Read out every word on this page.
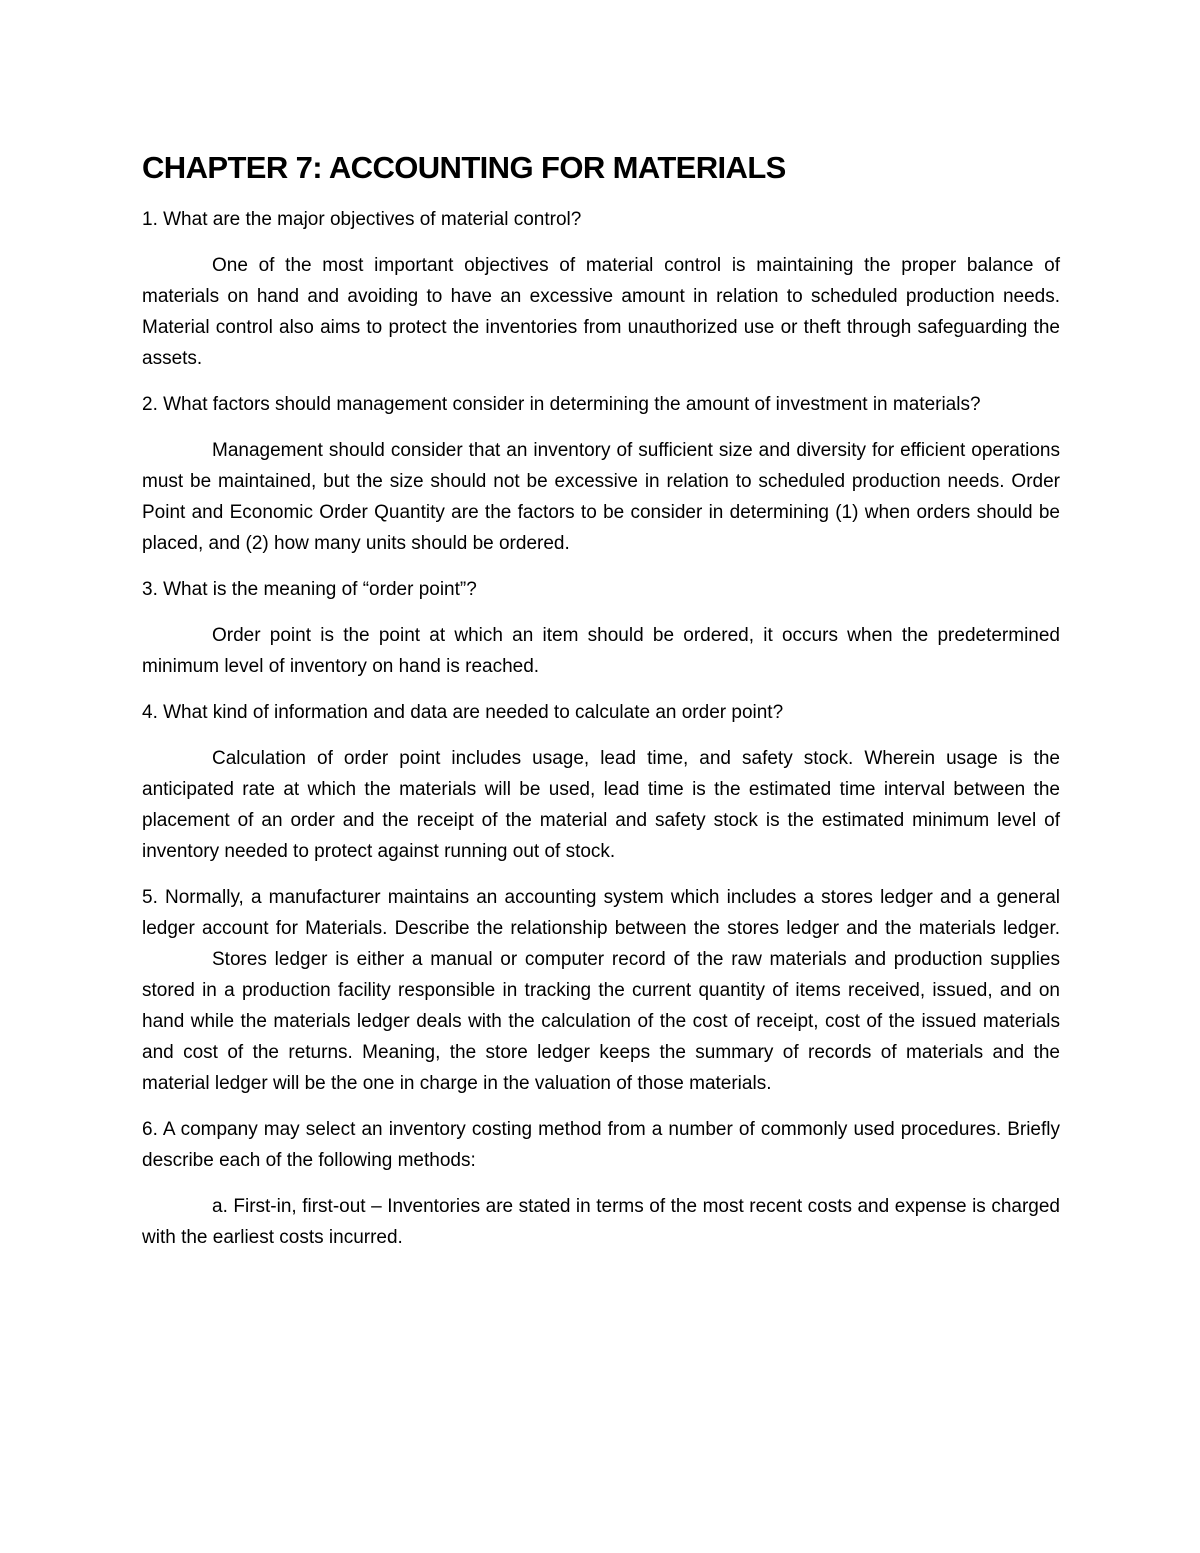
CHAPTER 7: ACCOUNTING FOR MATERIALS

1. What are the major objectives of material control?

One of the most important objectives of material control is maintaining the proper balance of materials on hand and avoiding to have an excessive amount in relation to scheduled production needs. Material control also aims to protect the inventories from unauthorized use or theft through safeguarding the assets.

2. What factors should management consider in determining the amount of investment in materials?

Management should consider that an inventory of sufficient size and diversity for efficient operations must be maintained, but the size should not be excessive in relation to scheduled production needs. Order Point and Economic Order Quantity are the factors to be consider in determining (1) when orders should be placed, and (2) how many units should be ordered.

3. What is the meaning of “order point”?

Order point is the point at which an item should be ordered, it occurs when the predetermined minimum level of inventory on hand is reached.

4. What kind of information and data are needed to calculate an order point?

Calculation of order point includes usage, lead time, and safety stock. Wherein usage is the anticipated rate at which the materials will be used, lead time is the estimated time interval between the placement of an order and the receipt of the material and safety stock is the estimated minimum level of inventory needed to protect against running out of stock.

5. Normally, a manufacturer maintains an accounting system which includes a stores ledger and a general ledger account for Materials. Describe the relationship between the stores ledger and the materials ledger.

Stores ledger is either a manual or computer record of the raw materials and production supplies stored in a production facility responsible in tracking the current quantity of items received, issued, and on hand while the materials ledger deals with the calculation of the cost of receipt, cost of the issued materials and cost of the returns. Meaning, the store ledger keeps the summary of records of materials and the material ledger will be the one in charge in the valuation of those materials.

6. A company may select an inventory costing method from a number of commonly used procedures. Briefly describe each of the following methods:

a. First-in, first-out – Inventories are stated in terms of the most recent costs and expense is charged with the earliest costs incurred.
